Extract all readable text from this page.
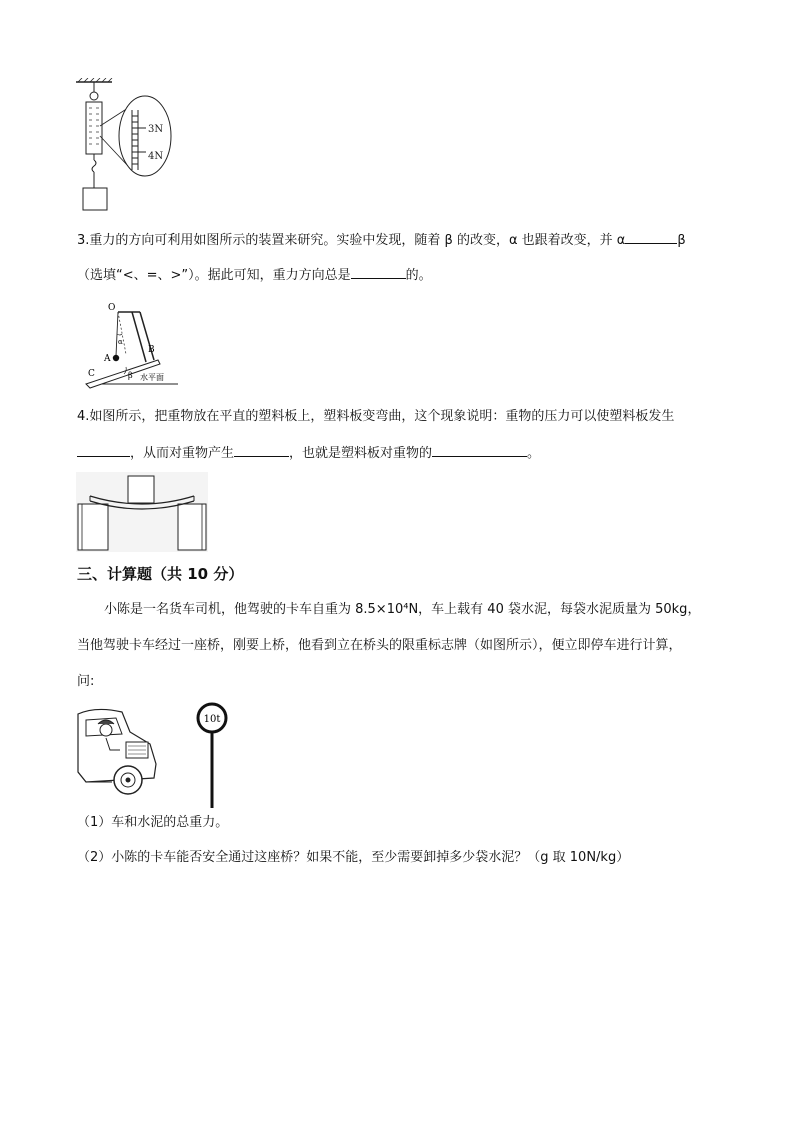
3N
4N
3.重力的方向可利用如图所示的装置来研究。实验中发现，随着 β 的改变，α 也跟着改变，并 α	β
（选填“<、=、>”）。据此可知，重力方向总是	的。
O
α
A
B
C	β 水平面
4.如图所示，把重物放在平直的塑料板上，塑料板变弯曲，这个现象说明：重物的压力可以使塑料板发生
，从而对重物产生	，也就是塑料板对重物的	。
三、计算题（共 10 分）
小陈是一名货车司机，他驾驶的卡车自重为 8.5×10⁴N，车上载有 40 袋水泥，每袋水泥质量为 50kg，
当他驾驶卡车经过一座桥，刚要上桥，他看到立在桥头的限重标志牌（如图所示），便立即停车进行计算，
问:
10t
（1）车和水泥的总重力。
（2）小陈的卡车能否安全通过这座桥？如果不能，至少需要卸掉多少袋水泥？（g 取 10N/kg）
